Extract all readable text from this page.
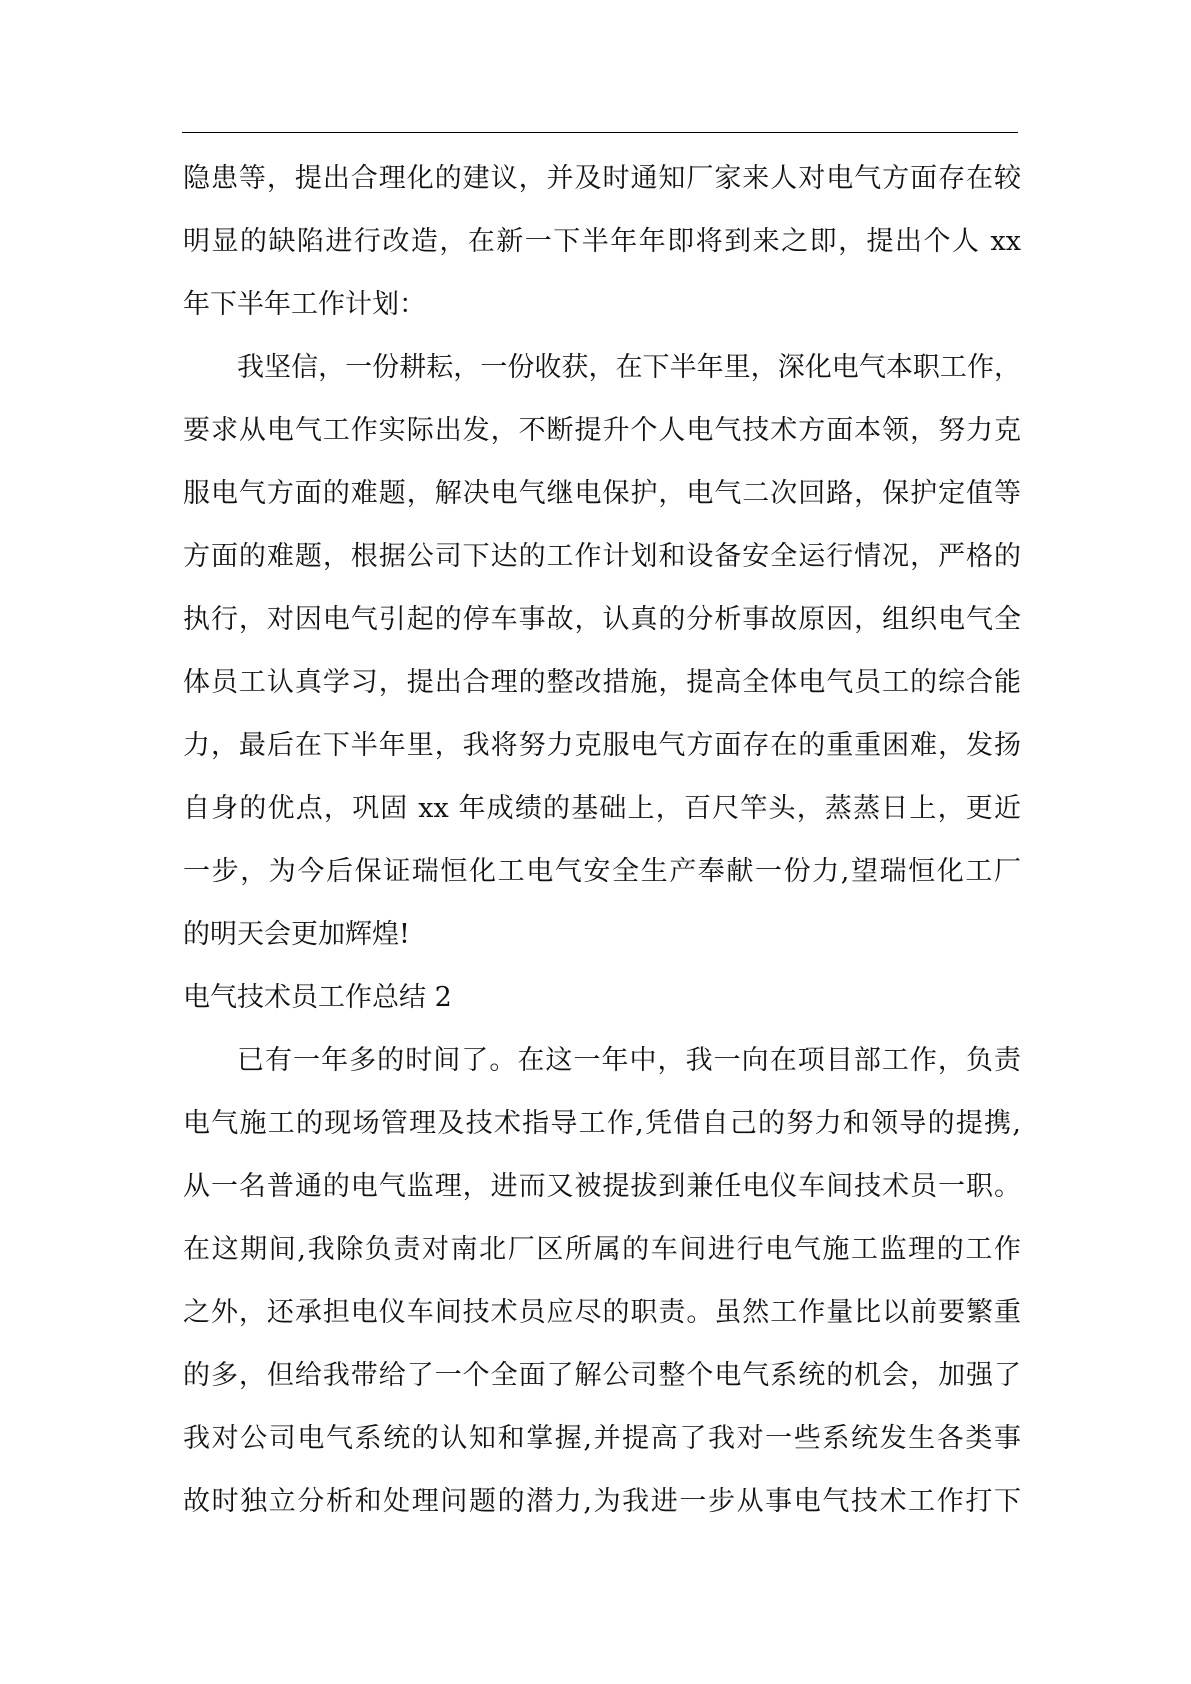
隐患等，提出合理化的建议，并及时通知厂家来人对电气方面存在较
明显的缺陷进行改造，在新一下半年年即将到来之即，提出个人 xx
年下半年工作计划：
我坚信，一份耕耘，一份收获，在下半年里，深化电气本职工作，
要求从电气工作实际出发，不断提升个人电气技术方面本领，努力克
服电气方面的难题，解决电气继电保护，电气二次回路，保护定值等
方面的难题，根据公司下达的工作计划和设备安全运行情况，严格的
执行，对因电气引起的停车事故，认真的分析事故原因，组织电气全
体员工认真学习，提出合理的整改措施，提高全体电气员工的综合能
力，最后在下半年里，我将努力克服电气方面存在的重重困难，发扬
自身的优点，巩固 xx 年成绩的基础上，百尺竿头，蒸蒸日上，更近
一步，为今后保证瑞恒化工电气安全生产奉献一份力,望瑞恒化工厂
的明天会更加辉煌!
电气技术员工作总结 2
已有一年多的时间了。在这一年中，我一向在项目部工作，负责
电气施工的现场管理及技术指导工作,凭借自己的努力和领导的提携,
从一名普通的电气监理，进而又被提拔到兼任电仪车间技术员一职。
在这期间,我除负责对南北厂区所属的车间进行电气施工监理的工作
之外，还承担电仪车间技术员应尽的职责。虽然工作量比以前要繁重
的多，但给我带给了一个全面了解公司整个电气系统的机会，加强了
我对公司电气系统的认知和掌握,并提高了我对一些系统发生各类事
故时独立分析和处理问题的潜力,为我进一步从事电气技术工作打下
